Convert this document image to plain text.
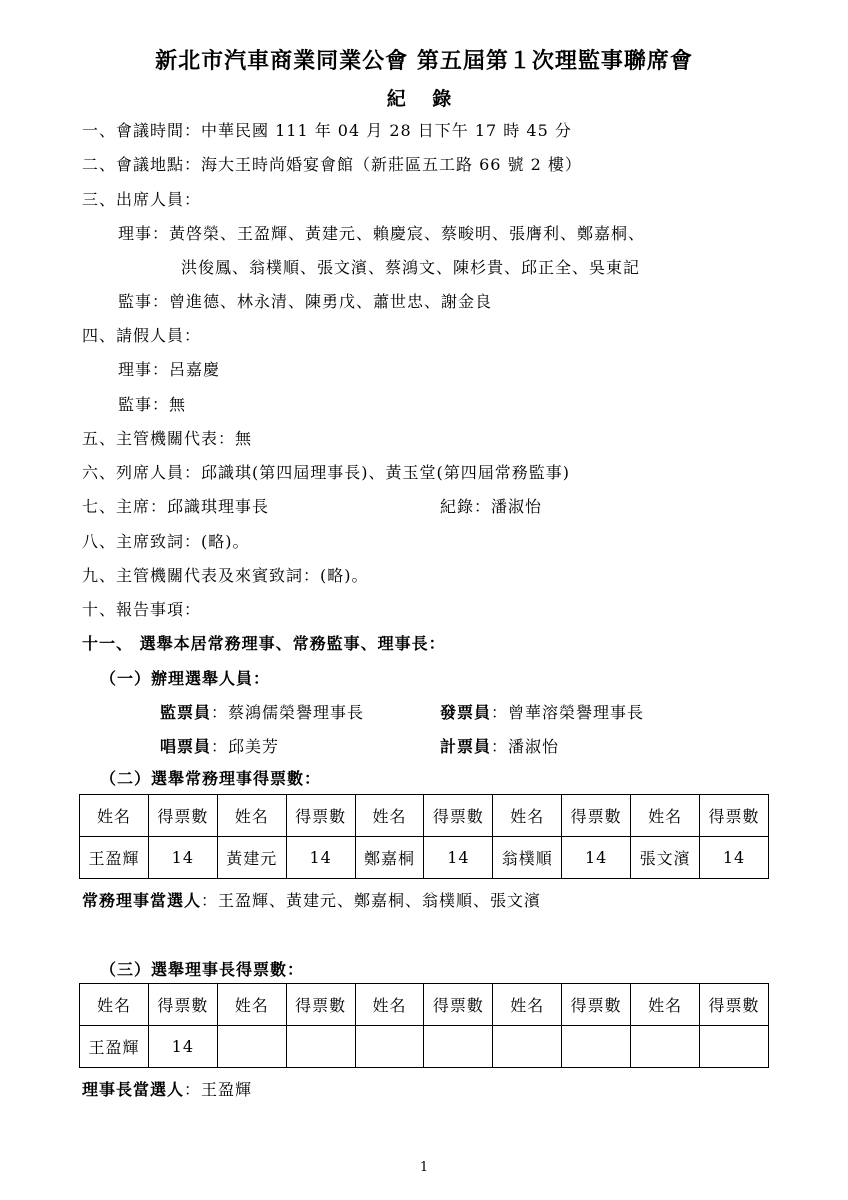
新北市汽車商業同業公會 第五屆第１次理監事聯席會
紀 錄
一、會議時間：中華民國 111 年 04 月 28 日下午 17 時 45 分
二、會議地點：海大王時尚婚宴會館（新莊區五工路 66 號 2 樓）
三、出席人員：
理事：黃啓榮、王盈輝、黃建元、賴慶宸、蔡畯明、張膺利、鄭嘉桐、
洪俊鳳、翁樸順、張文濱、蔡鴻文、陳杉貴、邱正全、吳東記
監事：曾進德、林永清、陳勇戊、蕭世忠、謝金良
四、請假人員：
理事：呂嘉慶
監事：無
五、主管機關代表：無
六、列席人員：邱識琪(第四屆理事長)、黃玉堂(第四屆常務監事)
七、主席：邱識琪理事長	紀錄：潘淑怡
八、主席致詞：(略)。
九、主管機關代表及來賓致詞：(略)。
十、報告事項：
十一、 選舉本居常務理事、常務監事、理事長：
（一）辦理選舉人員：
監票員：蔡鴻儒榮譽理事長	發票員：曾華溶榮譽理事長
唱票員：邱美芳	計票員：潘淑怡
（二）選舉常務理事得票數：
姓名	得票數	姓名	得票數	姓名	得票數	姓名	得票數	姓名	得票數
王盈輝	14	黃建元	14	鄭嘉桐	14	翁樸順	14	張文濱	14
常務理事當選人：王盈輝、黃建元、鄭嘉桐、翁樸順、張文濱
（三）選舉理事長得票數：
姓名	得票數	姓名	得票數	姓名	得票數	姓名	得票數	姓名	得票數
王盈輝	14								
理事長當選人：王盈輝
1
